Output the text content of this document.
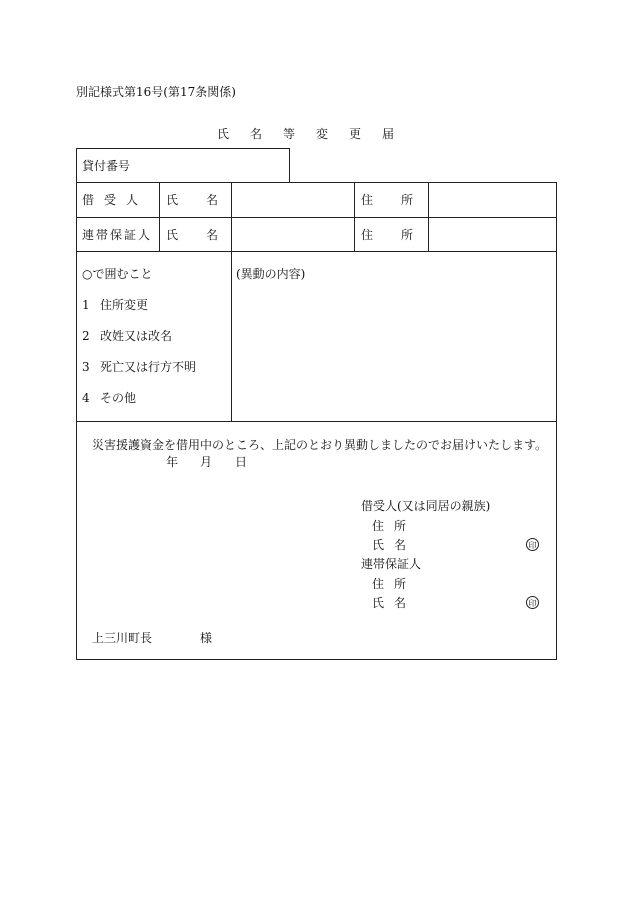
別記様式第16号(第17条関係)
氏名等変更届
貸付番号
借受人 氏名	住所
連帯保証人 氏名	住所
○で囲むこと
1 住所変更
2 改姓又は改名
3 死亡又は行方不明
4 その他
(異動の内容)
災害援護資金を借用中のところ、上記のとおり異動しましたのでお届けいたします。
年 月 日
借受人(又は同居の親族)
住所
氏名	印
連帯保証人
住所
氏名	印
上三川町長	様
